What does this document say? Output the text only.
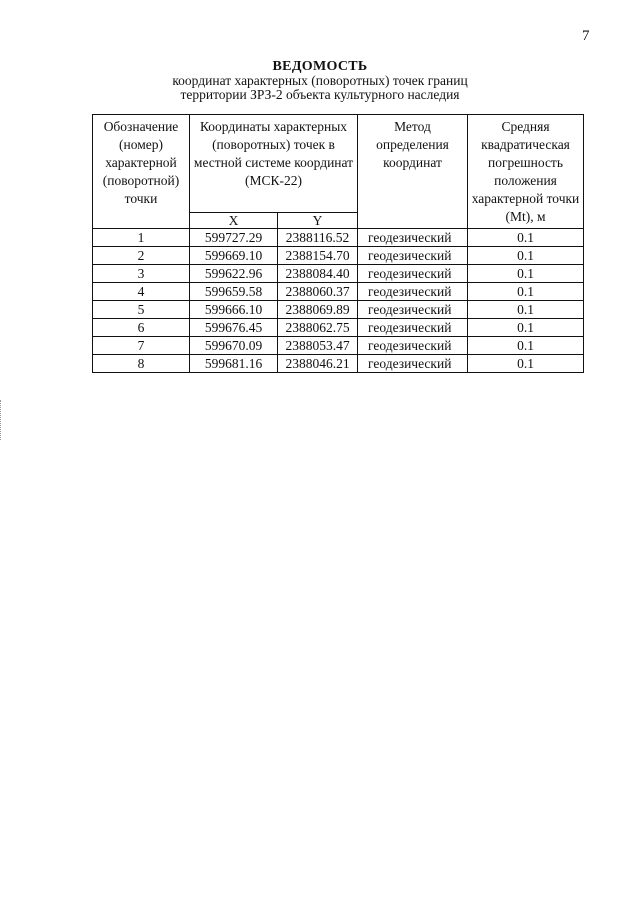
7
ВЕДОМОСТЬ
координат характерных (поворотных) точек границ
территории ЗРЗ-2 объекта культурного наследия
Обозначение (номер) характерной (поворотной) точки	Координаты характерных (поворотных) точек в местной системе координат (МСК-22)		Метод определения координат	Средняя квадратическая погрешность положения характерной точки (Mt), м
	X	Y		
1	599727.29	2388116.52	геодезический	0.1
2	599669.10	2388154.70	геодезический	0.1
3	599622.96	2388084.40	геодезический	0.1
4	599659.58	2388060.37	геодезический	0.1
5	599666.10	2388069.89	геодезический	0.1
6	599676.45	2388062.75	геодезический	0.1
7	599670.09	2388053.47	геодезический	0.1
8	599681.16	2388046.21	геодезический	0.1
